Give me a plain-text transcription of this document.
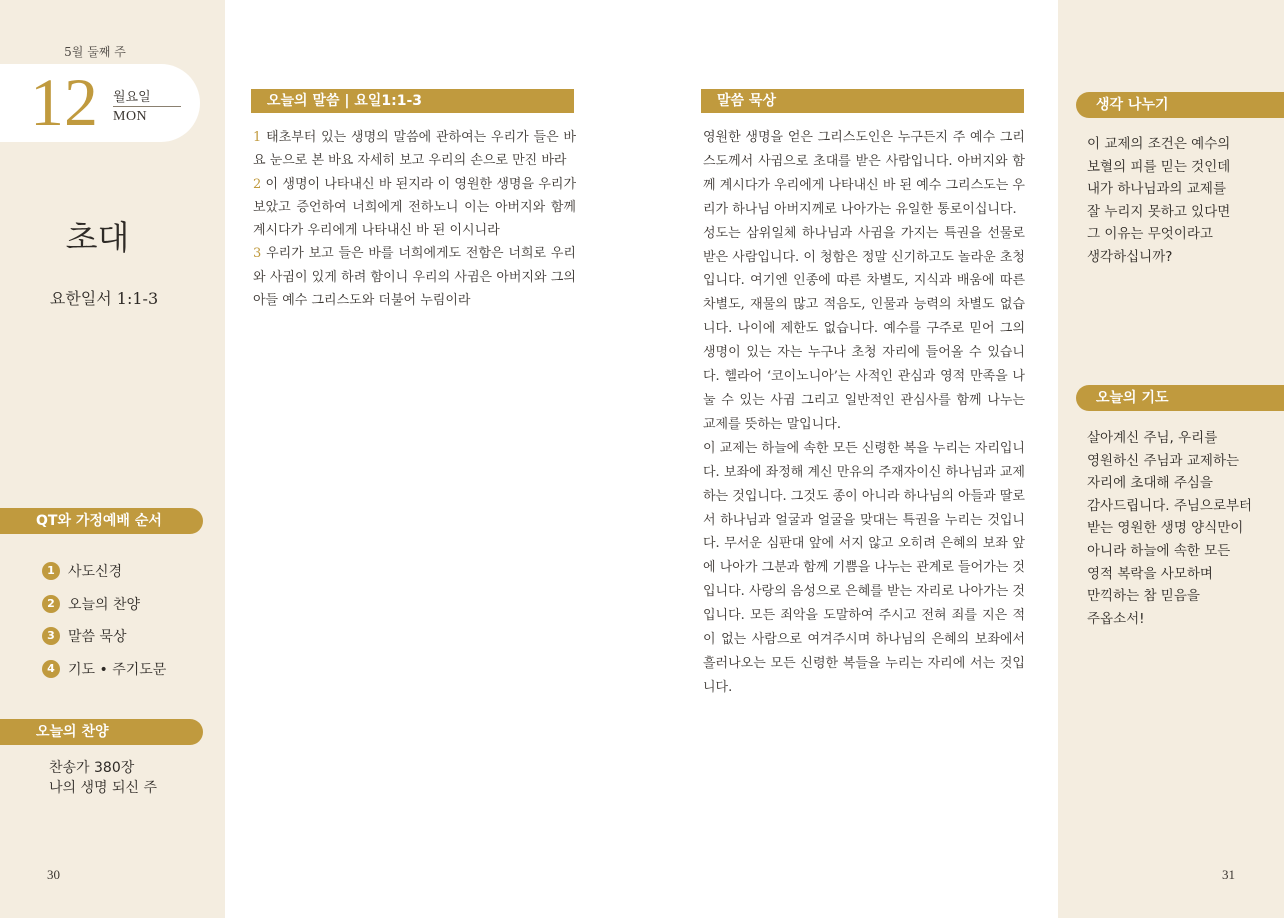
5월 둘째 주
12 월요일
MON
초대
요한일서 1:1-3
QT와 가정예배 순서
1 사도신경
2 오늘의 찬양
3 말씀 묵상
4 기도 • 주기도문
오늘의 찬양
찬송가 380장
나의 생명 되신 주
30
오늘의 말씀 | 요일1:1-3

1 태초부터 있는 생명의 말씀에 관하여는 우리가 들은 바요 눈으로 본 바요 자세히 보고 우리의 손으로 만진 바라

2 이 생명이 나타내신 바 된지라 이 영원한 생명을 우리가 보았고 증언하여 너희에게 전하노니 이는 아버지와 함께 계시다가 우리에게 나타내신 바 된 이시니라

3 우리가 보고 들은 바를 너희에게도 전함은 너희로 우리와 사귐이 있게 하려 함이니 우리의 사귐은 아버지와 그의 아들 예수 그리스도와 더불어 누림이라

말씀 묵상

영원한 생명을 얻은 그리스도인은 누구든지 주 예수 그리스도께서 사귐으로 초대를 받은 사람입니다. 아버지와 함께 계시다가 우리에게 나타내신 바 된 예수 그리스도는 우리가 하나님 아버지께로 나아가는 유일한 통로이십니다.

성도는 삼위일체 하나님과 사귐을 가지는 특권을 선물로 받은 사람입니다. 이 청함은 정말 신기하고도 놀라운 초청입니다. 여기엔 인종에 따른 차별도, 지식과 배움에 따른 차별도, 재물의 많고 적음도, 인물과 능력의 차별도 없습니다. 나이에 제한도 없습니다. 예수를 구주로 믿어 그의 생명이 있는 자는 누구나 초청 자리에 들어올 수 있습니다. 헬라어 ‘코이노니아’는 사적인 관심과 영적 만족을 나눌 수 있는 사귐 그리고 일반적인 관심사를 함께 나누는 교제를 뜻하는 말입니다.

이 교제는 하늘에 속한 모든 신령한 복을 누리는 자리입니다. 보좌에 좌정해 계신 만유의 주재자이신 하나님과 교제하는 것입니다. 그것도 종이 아니라 하나님의 아들과 딸로서 하나님과 얼굴과 얼굴을 맞대는 특권을 누리는 것입니다. 무서운 심판대 앞에 서지 않고 오히려 은혜의 보좌 앞에 나아가 그분과 함께 기쁨을 나누는 관계로 들어가는 것입니다. 사랑의 음성으로 은혜를 받는 자리로 나아가는 것입니다. 모든 죄악을 도말하여 주시고 전혀 죄를 지은 적이 없는 사람으로 여겨주시며 하나님의 은혜의 보좌에서 흘러나오는 모든 신령한 복들을 누리는 자리에 서는 것입니다.

생각 나누기
이 교제의 조건은 예수의
보혈의 피를 믿는 것인데
내가 하나님과의 교제를
잘 누리지 못하고 있다면
그 이유는 무엇이라고
생각하십니까?
오늘의 기도
살아계신 주님, 우리를
영원하신 주님과 교제하는
자리에 초대해 주심을
감사드립니다. 주님으로부터
받는 영원한 생명 양식만이
아니라 하늘에 속한 모든
영적 복락을 사모하며
만끽하는 참 믿음을
주옵소서!
31
